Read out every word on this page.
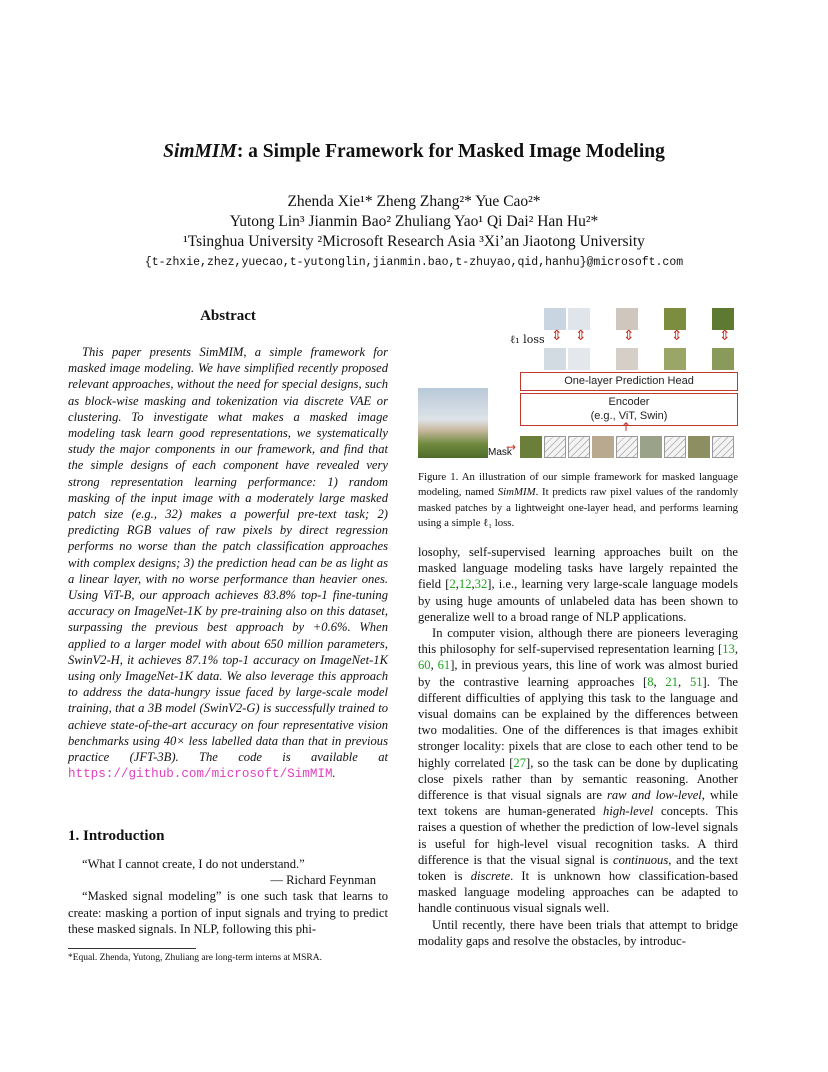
SimMIM: a Simple Framework for Masked Image Modeling
Zhenda Xie¹* Zheng Zhang²* Yue Cao²*
Yutong Lin³ Jianmin Bao² Zhuliang Yao¹ Qi Dai² Han Hu²*
¹Tsinghua University ²Microsoft Research Asia ³Xi’an Jiaotong University
{t-zhxie,zhez,yuecao,t-yutonglin,jianmin.bao,t-zhuyao,qid,hanhu}@microsoft.com
Abstract
This paper presents SimMIM, a simple framework for masked image modeling. We have simplified recently proposed relevant approaches, without the need for special designs, such as block-wise masking and tokenization via discrete VAE or clustering. To investigate what makes a masked image modeling task learn good representations, we systematically study the major components in our framework, and find that the simple designs of each component have revealed very strong representation learning performance: 1) random masking of the input image with a moderately large masked patch size (e.g., 32) makes a powerful pre-text task; 2) predicting RGB values of raw pixels by direct regression performs no worse than the patch classification approaches with complex designs; 3) the prediction head can be as light as a linear layer, with no worse performance than heavier ones. Using ViT-B, our approach achieves 83.8% top-1 fine-tuning accuracy on ImageNet-1K by pre-training also on this dataset, surpassing the previous best approach by +0.6%. When applied to a larger model with about 650 million parameters, SwinV2-H, it achieves 87.1% top-1 accuracy on ImageNet-1K using only ImageNet-1K data. We also leverage this approach to address the data-hungry issue faced by large-scale model training, that a 3B model (SwinV2-G) is successfully trained to achieve state-of-the-art accuracy on four representative vision benchmarks using 40× less labelled data than that in previous practice (JFT-3B). The code is available at https://github.com/microsoft/SimMIM.
1. Introduction

“What I cannot create, I do not understand.”

— Richard Feynman

“Masked signal modeling” is one such task that learns to create: masking a portion of input signals and trying to predict these masked signals. In NLP, following this phi-

*Equal. Zhenda, Yutong, Zhuliang are long-term interns at MSRA.
ℓ₁ loss ⇕ ⇕	⇕	⇕	⇕
One-layer Prediction Head
Encoder
(e.g., ViT, Swin)
↑
Mask
→
Figure 1. An illustration of our simple framework for masked language modeling, named SimMIM. It predicts raw pixel values of the randomly masked patches by a lightweight one-layer head, and performs learning using a simple ℓ₁ loss.

losophy, self-supervised learning approaches built on the masked language modeling tasks have largely repainted the field [2,12,32], i.e., learning very large-scale language models by using huge amounts of unlabeled data has been shown to generalize well to a broad range of NLP applications.

In computer vision, although there are pioneers leveraging this philosophy for self-supervised representation learning [13, 60, 61], in previous years, this line of work was almost buried by the contrastive learning approaches [8, 21, 51]. The different difficulties of applying this task to the language and visual domains can be explained by the differences between two modalities. One of the differences is that images exhibit stronger locality: pixels that are close to each other tend to be highly correlated [27], so the task can be done by duplicating close pixels rather than by semantic reasoning. Another difference is that visual signals are raw and low-level, while text tokens are human-generated high-level concepts. This raises a question of whether the prediction of low-level signals is useful for high-level visual recognition tasks. A third difference is that the visual signal is continuous, and the text token is discrete. It is unknown how classification-based masked language modeling approaches can be adapted to handle continuous visual signals well.

Until recently, there have been trials that attempt to bridge modality gaps and resolve the obstacles, by introduc-
